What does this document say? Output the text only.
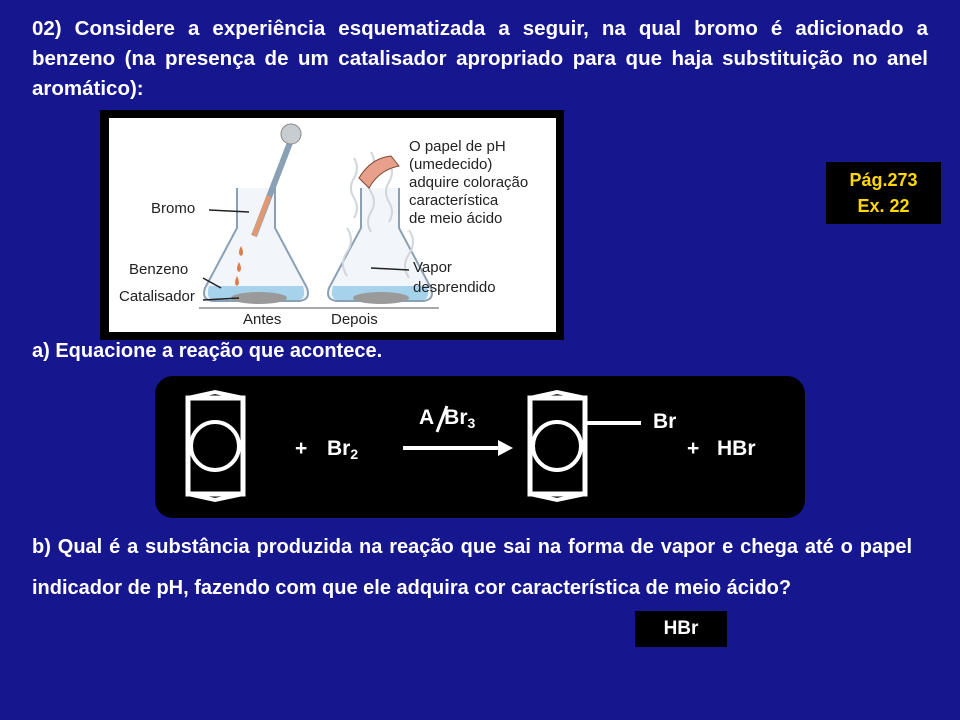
02) Considere a experiência esquematizada a seguir, na qual bromo é adicionado a benzeno (na presença de um catalisador apropriado para que haja substituição no anel aromático):
Pág.273
Ex. 22
Bromo
Benzeno
Catalisador
Antes	Depois
O papel de pH
(umedecido)
adquire coloração
característica
de meio ácido
Vapor
desprendido
a) Equacione a reação que acontece.
+ $Br_2$
A $Br_3$	Br
+ HBr
b) Qual é a substância produzida na reação que sai na forma de vapor e chega até o papel indicador de pH, fazendo com que ele adquira cor característica de meio ácido?
HBr
